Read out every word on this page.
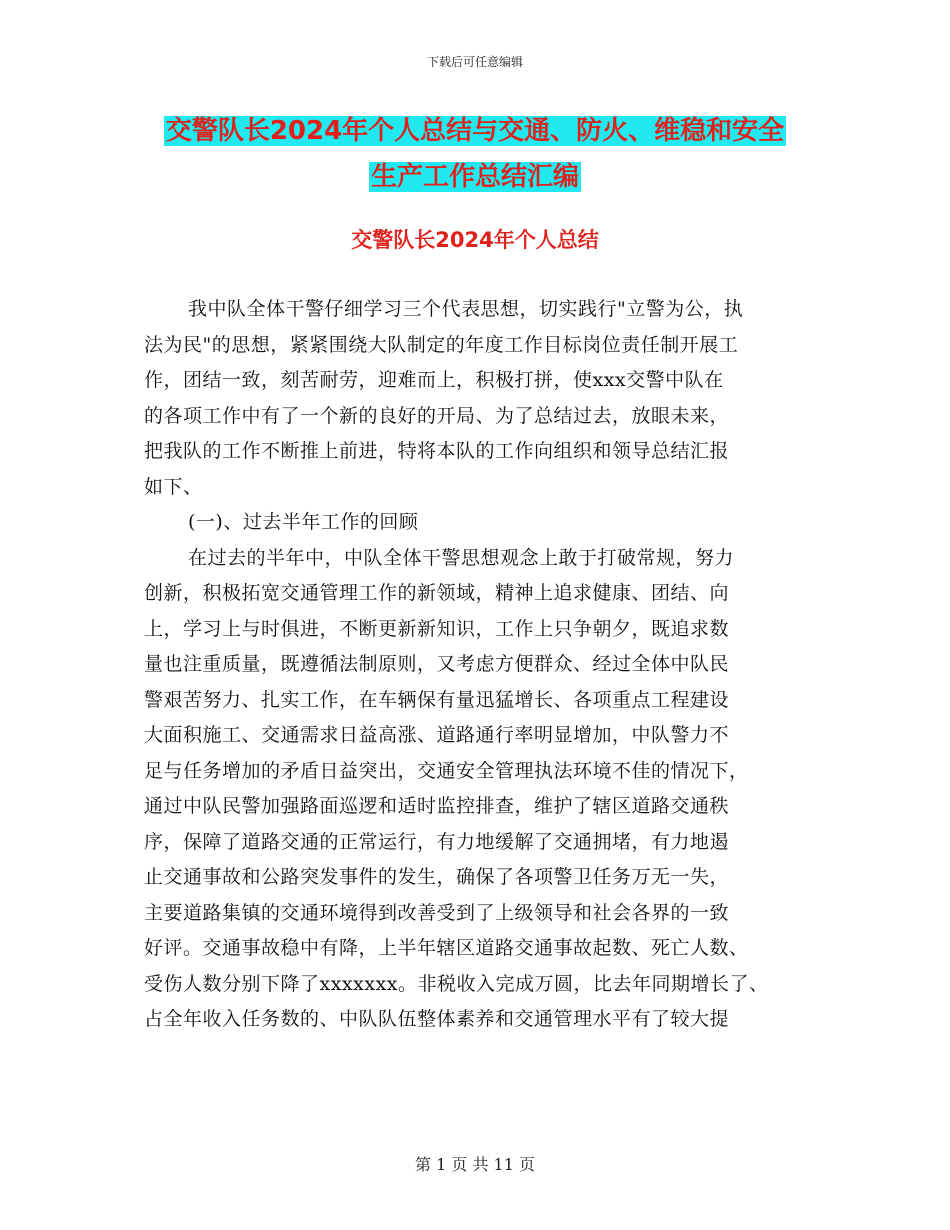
下载后可任意编辑
交警队长2024年个人总结与交通、防火、维稳和安全
生产工作总结汇编
交警队长2024年个人总结
我中队全体干警仔细学习三个代表思想，切实践行"立警为公，执
法为民"的思想，紧紧围绕大队制定的年度工作目标岗位责任制开展工
作，团结一致，刻苦耐劳，迎难而上，积极打拼，使xxx交警中队在
的各项工作中有了一个新的良好的开局、为了总结过去，放眼未来，
把我队的工作不断推上前进，特将本队的工作向组织和领导总结汇报
如下、
(一)、过去半年工作的回顾
在过去的半年中，中队全体干警思想观念上敢于打破常规，努力
创新，积极拓宽交通管理工作的新领域，精神上追求健康、团结、向
上，学习上与时俱进，不断更新新知识，工作上只争朝夕，既追求数
量也注重质量，既遵循法制原则，又考虑方便群众、经过全体中队民
警艰苦努力、扎实工作，在车辆保有量迅猛增长、各项重点工程建设
大面积施工、交通需求日益高涨、道路通行率明显增加，中队警力不
足与任务增加的矛盾日益突出，交通安全管理执法环境不佳的情况下，
通过中队民警加强路面巡逻和适时监控排查，维护了辖区道路交通秩
序，保障了道路交通的正常运行，有力地缓解了交通拥堵，有力地遏
止交通事故和公路突发事件的发生，确保了各项警卫任务万无一失，
主要道路集镇的交通环境得到改善受到了上级领导和社会各界的一致
好评。交通事故稳中有降，上半年辖区道路交通事故起数、死亡人数、
受伤人数分别下降了xxxxxxx。非税收入完成万圆，比去年同期增长了、
占全年收入任务数的、中队队伍整体素养和交通管理水平有了较大提
第 1 页 共 11 页
